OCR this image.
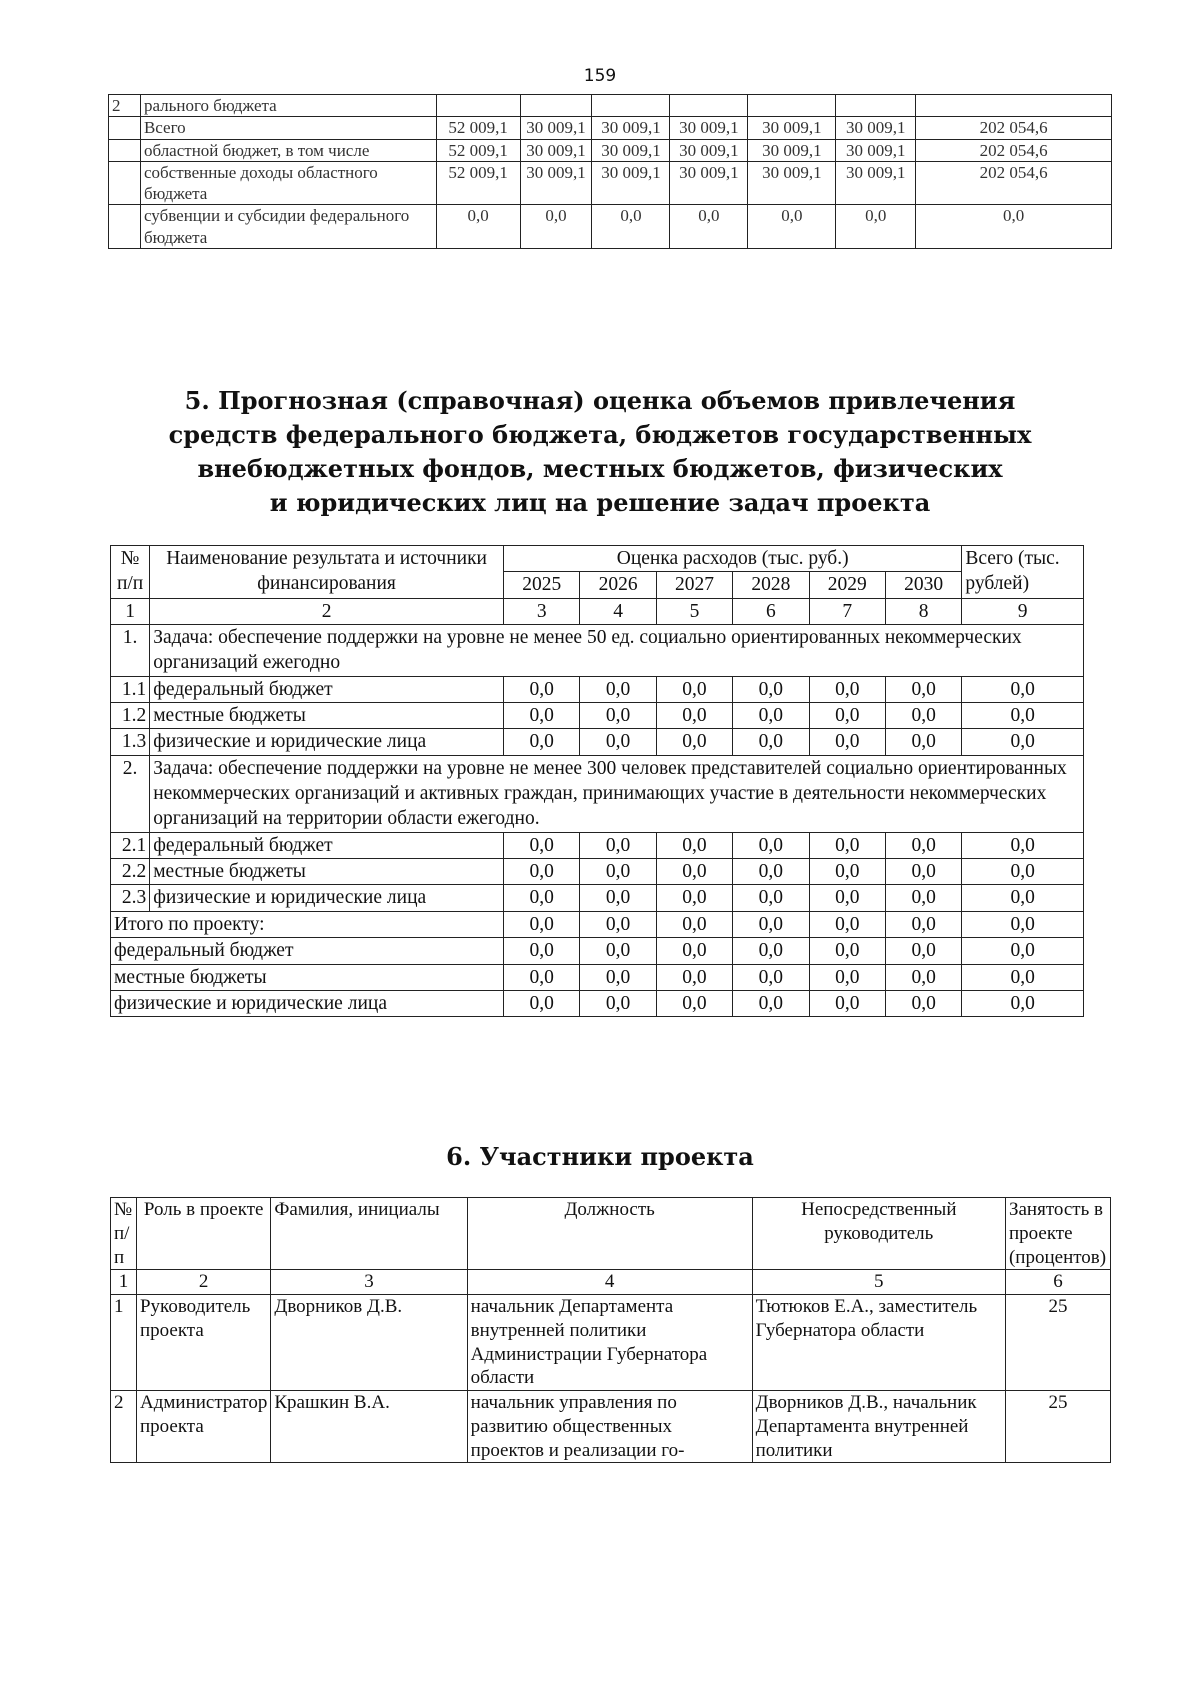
159
2	рального бюджета							
	Всего	52 009,1	30 009,1	30 009,1	30 009,1	30 009,1	30 009,1	202 054,6
	областной бюджет, в том числе	52 009,1	30 009,1	30 009,1	30 009,1	30 009,1	30 009,1	202 054,6
	собственные доходы областного бюджета	52 009,1	30 009,1	30 009,1	30 009,1	30 009,1	30 009,1	202 054,6
	субвенции и субсидии федерального бюджета	0,0	0,0	0,0	0,0	0,0	0,0	0,0
5. Прогнозная (справочная) оценка объемов привлечения
средств федерального бюджета, бюджетов государственных
внебюджетных фондов, местных бюджетов, физических
и юридических лиц на решение задач проекта
№ п/п	Наименование результата и источники финансирования	Оценка расходов (тыс. руб.)						Всего (тыс. рублей)
		2025	2026	2027	2028	2029	2030	
1	2	3	4	5	6	7	8	9
1.	Задача: обеспечение поддержки на уровне не менее 50 ед. социально ориентированных некоммерческих организаций ежегодно							
1.1	федеральный бюджет	0,0	0,0	0,0	0,0	0,0	0,0	0,0
1.2	местные бюджеты	0,0	0,0	0,0	0,0	0,0	0,0	0,0
1.3	физические и юридические лица	0,0	0,0	0,0	0,0	0,0	0,0	0,0
2.	Задача: обеспечение поддержки на уровне не менее 300 человек представителей социально ориентированных некоммерческих организаций и активных граждан, принимающих участие в деятельности некоммерческих организаций на территории области ежегодно.							
2.1	федеральный бюджет	0,0	0,0	0,0	0,0	0,0	0,0	0,0
2.2	местные бюджеты	0,0	0,0	0,0	0,0	0,0	0,0	0,0
2.3	физические и юридические лица	0,0	0,0	0,0	0,0	0,0	0,0	0,0
Итого по проекту:		0,0	0,0	0,0	0,0	0,0	0,0	0,0
федеральный бюджет		0,0	0,0	0,0	0,0	0,0	0,0	0,0
местные бюджеты		0,0	0,0	0,0	0,0	0,0	0,0	0,0
физические и юридические лица		0,0	0,0	0,0	0,0	0,0	0,0	0,0
6. Участники проекта
№ п/п	Роль в проекте	Фамилия, инициалы	Должность	Непосредственный руководитель	Занятость в проекте (процентов)
1	2	3	4	5	6
1	Руководитель проекта	Дворников Д.В.	начальник Департамента внутренней политики Администрации Губернатора области	Тютюков Е.А., заместитель Губернатора области	25
2	Администратор проекта	Крашкин В.А.	начальник управления по развитию общественных проектов и реализации го-	Дворников Д.В., начальник Департамента внутренней политики	25
